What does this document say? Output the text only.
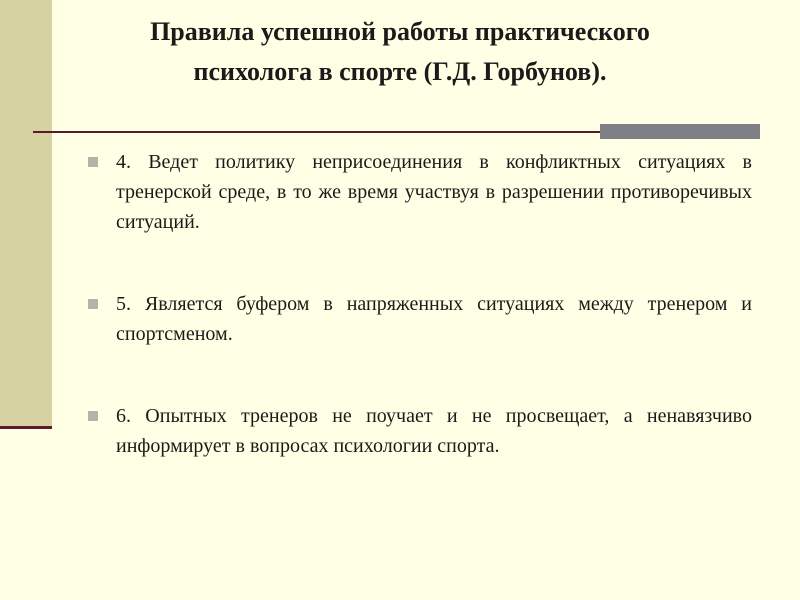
Правила успешной работы практического
психолога в спорте (Г.Д. Горбунов).
4. Ведет политику неприсоединения в конфликтных ситуациях в тренерской среде, в то же время участвуя в разрешении противоречивых ситуаций.
5. Является буфером в напряженных ситуациях между тренером и спортсменом.
6. Опытных тренеров не поучает и не просвещает, а ненавязчиво информирует в вопросах психологии спорта.
